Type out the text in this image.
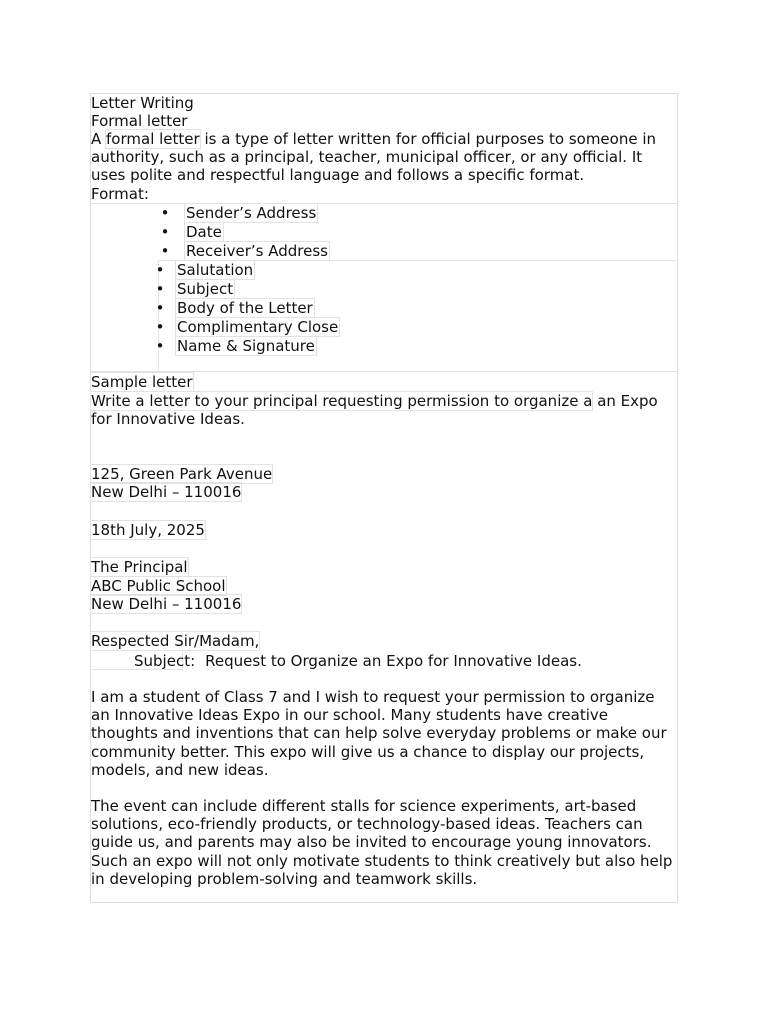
Letter Writing
Formal letter
A formal letter is a type of letter written for official purposes to someone in authority, such as a principal, teacher, municipal officer, or any official. It uses polite and respectful language and follows a specific format.
Format:
• Sender’s Address
• Date
• Receiver’s Address
• Salutation
• Subject
• Body of the Letter
• Complimentary Close
• Name & Signature
Sample letter
Write a letter to your principal requesting permission to organize a an Expo for Innovative Ideas.
125, Green Park Avenue
New Delhi – 110016
18th July, 2025
The Principal
ABC Public School
New Delhi – 110016
Respected Sir/Madam,
Subject: Request to Organize an Expo for Innovative Ideas.
I am a student of Class 7 and I wish to request your permission to organize an Innovative Ideas Expo in our school. Many students have creative thoughts and inventions that can help solve everyday problems or make our community better. This expo will give us a chance to display our projects, models, and new ideas.
The event can include different stalls for science experiments, art-based solutions, eco-friendly products, or technology-based ideas. Teachers can guide us, and parents may also be invited to encourage young innovators. Such an expo will not only motivate students to think creatively but also help in developing problem-solving and teamwork skills.
